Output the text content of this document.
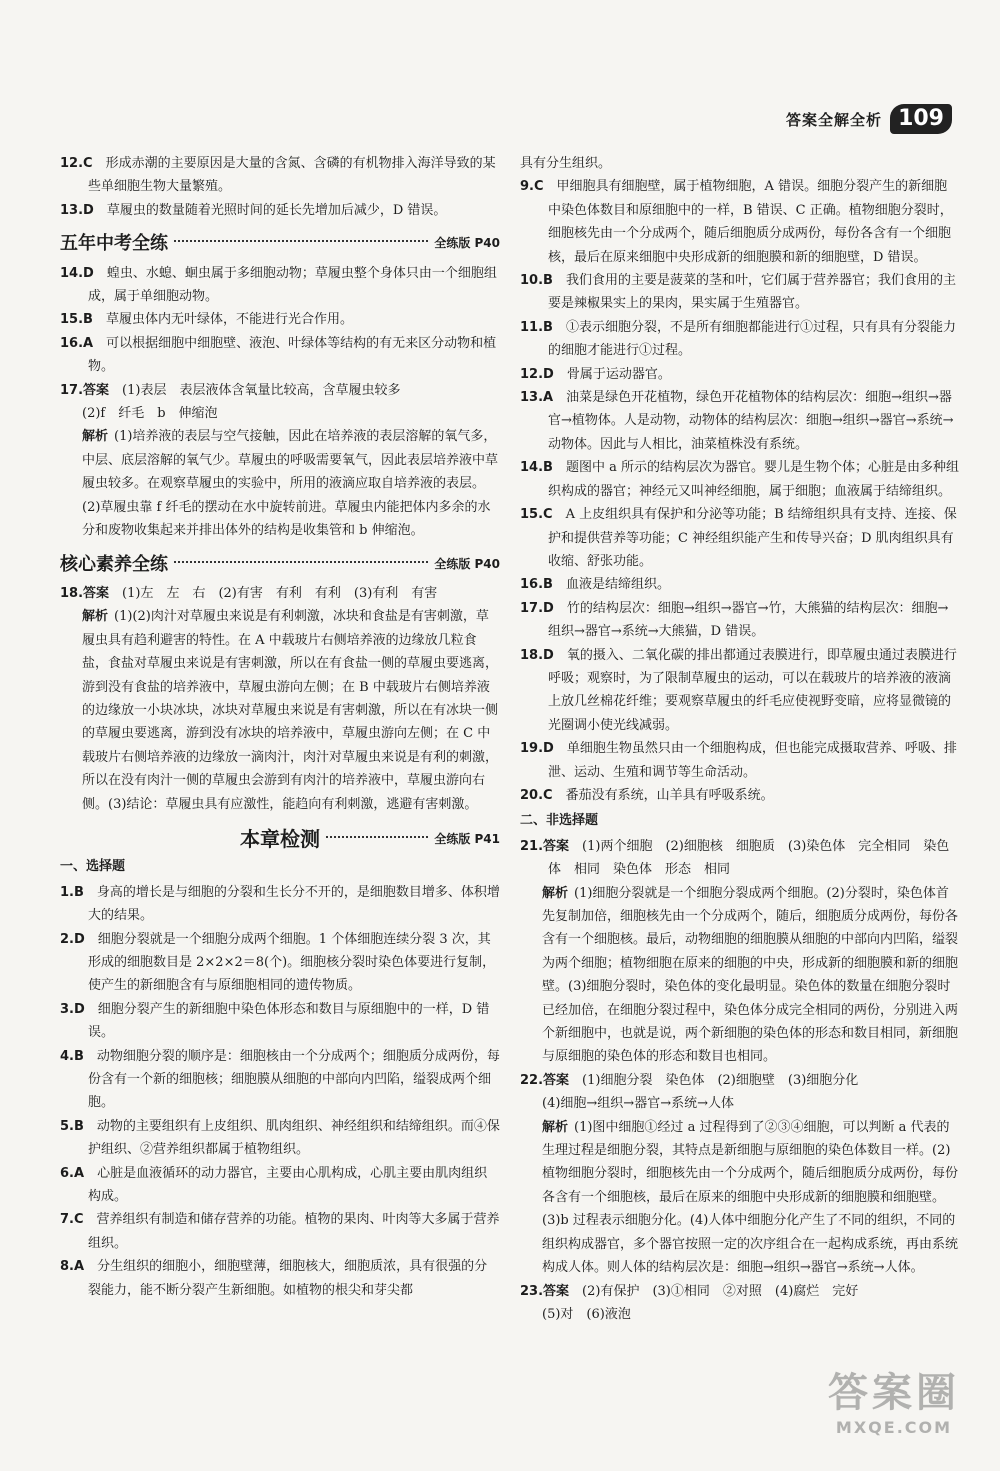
答案全解全析 109

12.C　 形成赤潮的主要原因是大量的含氮、含磷的有机物排入海洋导致的某些单细胞生物大量繁殖。

13.D　 草履虫的数量随着光照时间的延长先增加后减少，D 错误。

五年中考全练	全练版 P40

14.D　 蝗虫、水螅、蛔虫属于多细胞动物；草履虫整个身体只由一个细胞组成，属于单细胞动物。

15.B　 草履虫体内无叶绿体，不能进行光合作用。

16.A　 可以根据细胞中细胞壁、液泡、叶绿体等结构的有无来区分动物和植物。

17.答案　 (1)表层　表层液体含氧量比较高，含草履虫较多

(2)f　纤毛　b　伸缩泡

解析 (1)培养液的表层与空气接触，因此在培养液的表层溶解的氧气多，中层、底层溶解的氧气少。草履虫的呼吸需要氧气，因此表层培养液中草履虫较多。在观察草履虫的实验中，所用的液滴应取自培养液的表层。(2)草履虫靠 f 纤毛的摆动在水中旋转前进。草履虫内能把体内多余的水分和废物收集起来并排出体外的结构是收集管和 b 伸缩泡。

核心素养全练	全练版 P40

18.答案　 (1)左　左　右　(2)有害　有利　有利　(3)有利　有害

解析 (1)(2)肉汁对草履虫来说是有利刺激，冰块和食盐是有害刺激，草履虫具有趋利避害的特性。在 A 中载玻片右侧培养液的边缘放几粒食盐，食盐对草履虫来说是有害刺激，所以在有食盐一侧的草履虫要逃离，游到没有食盐的培养液中，草履虫游向左侧；在 B 中载玻片右侧培养液的边缘放一小块冰块，冰块对草履虫来说是有害刺激，所以在有冰块一侧的草履虫要逃离，游到没有冰块的培养液中，草履虫游向左侧；在 C 中载玻片右侧培养液的边缘放一滴肉汁，肉汁对草履虫来说是有利的刺激，所以在没有肉汁一侧的草履虫会游到有肉汁的培养液中，草履虫游向右侧。(3)结论：草履虫具有应激性，能趋向有利刺激，逃避有害刺激。

本章检测	全练版 P41

一、选择题

1.B　 身高的增长是与细胞的分裂和生长分不开的，是细胞数目增多、体积增大的结果。

2.D　 细胞分裂就是一个细胞分成两个细胞。1 个体细胞连续分裂 3 次，其形成的细胞数目是 2×2×2＝8(个)。细胞核分裂时染色体要进行复制，使产生的新细胞含有与原细胞相同的遗传物质。

3.D　 细胞分裂产生的新细胞中染色体形态和数目与原细胞中的一样，D 错误。

4.B　 动物细胞分裂的顺序是：细胞核由一个分成两个；细胞质分成两份，每份含有一个新的细胞核；细胞膜从细胞的中部向内凹陷，缢裂成两个细胞。

5.B　 动物的主要组织有上皮组织、肌肉组织、神经组织和结缔组织。而④保护组织、②营养组织都属于植物组织。

6.A　 心脏是血液循环的动力器官，主要由心肌构成，心肌主要由肌肉组织构成。

7.C　 营养组织有制造和储存营养的功能。植物的果肉、叶肉等大多属于营养组织。

8.A　 分生组织的细胞小，细胞壁薄，细胞核大，细胞质浓，具有很强的分裂能力，能不断分裂产生新细胞。如植物的根尖和芽尖都

具有分生组织。

9.C　 甲细胞具有细胞壁，属于植物细胞，A 错误。细胞分裂产生的新细胞中染色体数目和原细胞中的一样，B 错误、C 正确。植物细胞分裂时，细胞核先由一个分成两个，随后细胞质分成两份，每份各含有一个细胞核，最后在原来细胞中央形成新的细胞膜和新的细胞壁，D 错误。

10.B　 我们食用的主要是菠菜的茎和叶，它们属于营养器官；我们食用的主要是辣椒果实上的果肉，果实属于生殖器官。

11.B　 ①表示细胞分裂，不是所有细胞都能进行①过程，只有具有分裂能力的细胞才能进行①过程。

12.D　 骨属于运动器官。

13.A　 油菜是绿色开花植物，绿色开花植物体的结构层次：细胞→组织→器官→植物体。人是动物，动物体的结构层次：细胞→组织→器官→系统→动物体。因此与人相比，油菜植株没有系统。

14.B　 题图中 a 所示的结构层次为器官。婴儿是生物个体；心脏是由多种组织构成的器官；神经元又叫神经细胞，属于细胞；血液属于结缔组织。

15.C　 A 上皮组织具有保护和分泌等功能；B 结缔组织具有支持、连接、保护和提供营养等功能；C 神经组织能产生和传导兴奋；D 肌肉组织具有收缩、舒张功能。

16.B　 血液是结缔组织。

17.D　 竹的结构层次：细胞→组织→器官→竹，大熊猫的结构层次：细胞→组织→器官→系统→大熊猫，D 错误。

18.D　 氧的摄入、二氧化碳的排出都通过表膜进行，即草履虫通过表膜进行呼吸；观察时，为了限制草履虫的运动，可以在载玻片的培养液的液滴上放几丝棉花纤维；要观察草履虫的纤毛应使视野变暗，应将显微镜的光圈调小使光线减弱。

19.D　 单细胞生物虽然只由一个细胞构成，但也能完成摄取营养、呼吸、排泄、运动、生殖和调节等生命活动。

20.C　 番茄没有系统，山羊具有呼吸系统。

二、非选择题

21.答案　 (1)两个细胞　(2)细胞核　细胞质　(3)染色体　完全相同　染色体　相同　染色体　形态　相同

解析 (1)细胞分裂就是一个细胞分裂成两个细胞。(2)分裂时，染色体首先复制加倍，细胞核先由一个分成两个，随后，细胞质分成两份，每份各含有一个细胞核。最后，动物细胞的细胞膜从细胞的中部向内凹陷，缢裂为两个细胞；植物细胞在原来的细胞的中央，形成新的细胞膜和新的细胞壁。(3)细胞分裂时，染色体的变化最明显。染色体的数量在细胞分裂时已经加倍，在细胞分裂过程中，染色体分成完全相同的两份，分别进入两个新细胞中，也就是说，两个新细胞的染色体的形态和数目相同，新细胞与原细胞的染色体的形态和数目也相同。

22.答案　 (1)细胞分裂　染色体　(2)细胞壁　(3)细胞分化

(4)细胞→组织→器官→系统→人体

解析 (1)图中细胞①经过 a 过程得到了②③④细胞，可以判断 a 代表的生理过程是细胞分裂，其特点是新细胞与原细胞的染色体数目一样。(2)植物细胞分裂时，细胞核先由一个分成两个，随后细胞质分成两份，每份各含有一个细胞核，最后在原来的细胞中央形成新的细胞膜和细胞壁。(3)b 过程表示细胞分化。(4)人体中细胞分化产生了不同的组织，不同的组织构成器官，多个器官按照一定的次序组合在一起构成系统，再由系统构成人体。则人体的结构层次是：细胞→组织→器官→系统→人体。

23.答案　 (2)有保护　(3)①相同　②对照　(4)腐烂　完好

(5)对　(6)液泡

答案圈
MXQE.COM
